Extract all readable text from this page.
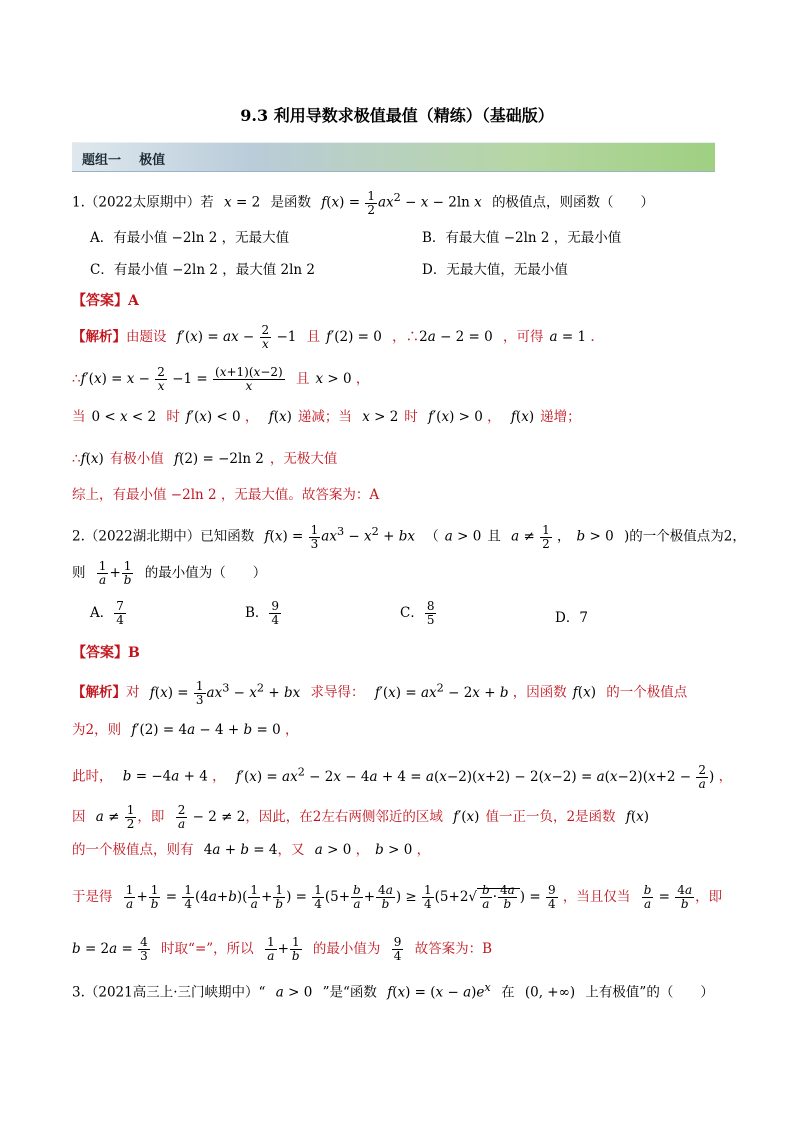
9.3 利用导数求极值最值（精练）（基础版）
题组一    极值
1.（2022太原期中）若 x = 2 是函数 $f(x) = \frac{1}{2} ax^2 - x - 2\ln$ x 的极值点，则函数（　　）
A．有最小值 −2ln 2 ，无最大值	B．有最大值 −2ln 2 ，无最小值
C．有最小值 −2ln 2 ，最大值 2ln 2	D．无最大值，无最小值
【答案】A
【解析】由题设 f′(x) = ax − $\frac{2}{x} -1$ 且 f′(2) = 0 ，∴2a − 2 = 0 ，可得 a = 1 .
∴f′(x) = $x - \frac{2}{x} -1 = \frac{(x+1)(x-2)}{x}$ 且 x > 0 ，
当 0 < x < 2 时 f′(x) < 0 ， f(x) 递减；当 x > 2 时 f′(x) > 0 ， f(x) 递增；
∴f(x) 有极小值 f(2) = −2ln 2 ，无极大值
综上，有最小值 −2ln 2 ，无最大值。故答案为：A
2.（2022湖北期中）已知函数 $f(x) = \frac{1}{3} ax^3 - x^2$ + bx （ a > 0 且 $a \ne \frac{1}{2}$ ， b > 0 )的一个极值点为2，
则 $\frac{1}{a} + \frac{1}{b}$ 的最小值为（　　）
A． $\frac{7}{4}$	B． $\frac{9}{4}$	C． $\frac{8}{5}$	D．7
【答案】B
【解析】对 $f(x) = \frac{1}{3} ax^3 - x^2$ + bx 求导得： $f'(x) = ax^2 - 2x + b$ ，因函数 f(x) 的一个极值点
为2，则 f′(2) = 4a − 4 + b = 0 ，
此时， b = −4a + 4 ， $f'(x) = ax^2 - 2x - 4a + 4 = a(x-2)(x+2) - 2(x-2) = a(x-2)(x+2 - \frac{2}{a}$ ) ，
因 $a \ne \frac{1}{2}$ ，即 $\frac{2}{a} - 2 \ne 2$，因此，在2左右两侧邻近的区域 f′(x) 值一正一负，2是函数 f(x)
的一个极值点，则有 4a + b = 4，又 a > 0 ， b > 0 ，
于是得 $\frac{1}{a} + \frac{1}{b} = \frac{1}{4} (4a+b)( \frac{1}{a} + \frac{1}{b}$ ) = $\frac{1}{4} (5+ \frac{b}{a} + \frac{4a}{b}$ ) ≥ $\frac{1}{4} (5+2√ \frac{b}{a} \cdot \frac{4a}{b}$ ) = $\frac{9}{4}$ ，当且仅当 $\frac{b}{a} = \frac{4a}{b}$ ，即
$b = 2a = \frac{4}{3}$ 时取“=”，所以 $\frac{1}{a} + \frac{1}{b}$ 的最小值为 $\frac{9}{4}$ 故答案为：B
3.（2021高三上·三门峡期中）“ a > 0 ”是“函数 $f(x) = (x - a)e^x$ 在 (0, +∞) 上有极值”的（　　）
